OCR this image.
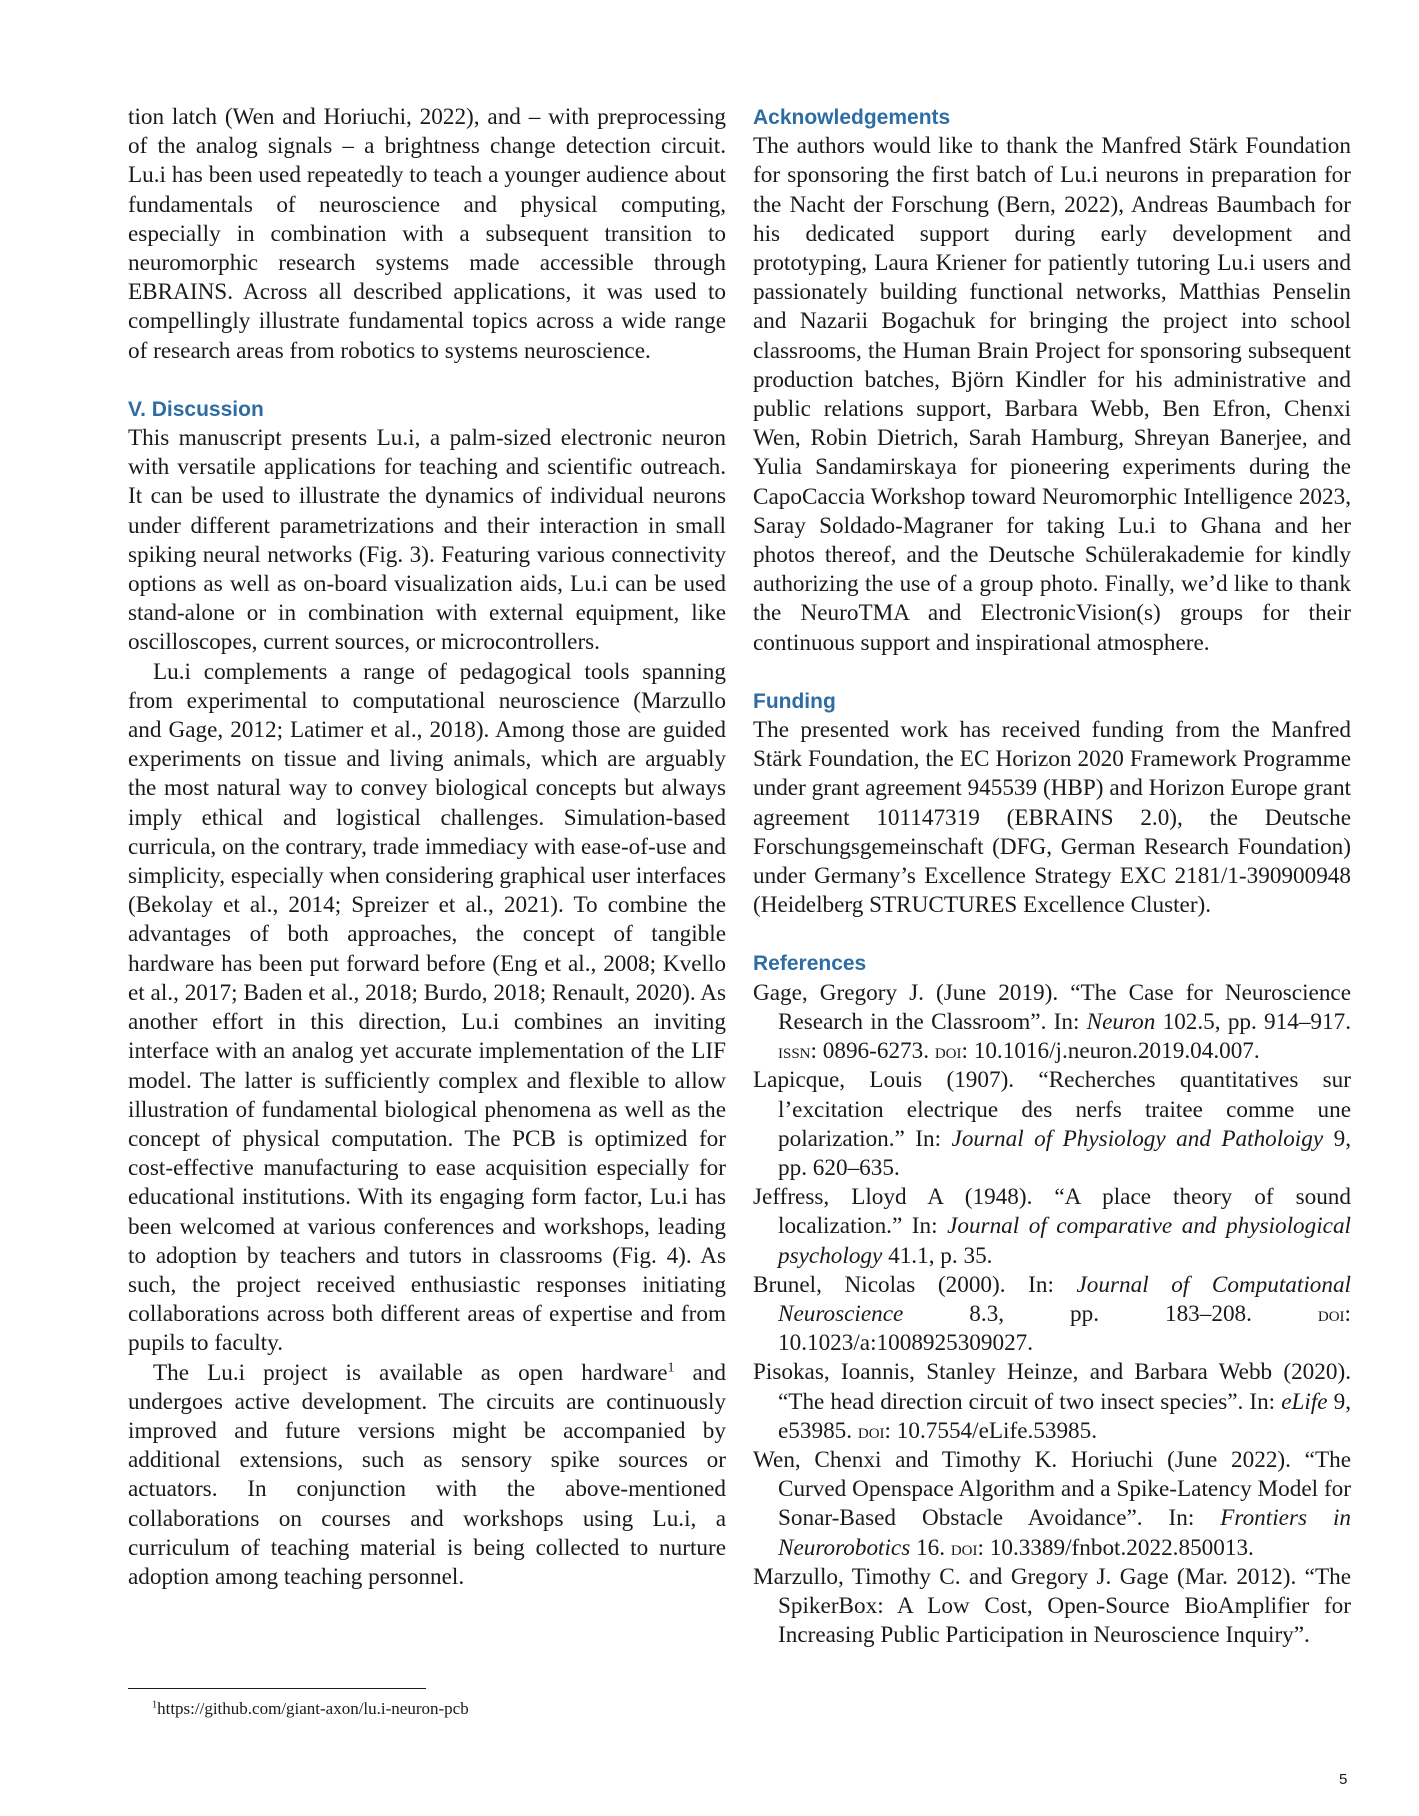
tion latch (Wen and Horiuchi, 2022), and – with preprocessing of the analog signals – a brightness change detection circuit. Lu.i has been used repeatedly to teach a younger audience about fundamentals of neuroscience and physical computing, especially in combination with a subsequent transition to neuromorphic research systems made accessible through EBRAINS. Across all described applications, it was used to compellingly illustrate fundamental topics across a wide range of research areas from robotics to systems neuroscience.

V. Discussion

This manuscript presents Lu.i, a palm-sized electronic neuron with versatile applications for teaching and scientific outreach. It can be used to illustrate the dynamics of individual neurons under different parametrizations and their interaction in small spiking neural networks (Fig. 3). Featuring various connectivity options as well as on-board visualization aids, Lu.i can be used stand-alone or in combination with external equipment, like oscilloscopes, current sources, or microcontrollers.

Lu.i complements a range of pedagogical tools spanning from experimental to computational neuroscience (Marzullo and Gage, 2012; Latimer et al., 2018). Among those are guided experiments on tissue and living animals, which are arguably the most natural way to convey biological concepts but always imply ethical and logistical challenges. Simulation-based curricula, on the contrary, trade immediacy with ease-of-use and simplicity, especially when considering graphical user interfaces (Bekolay et al., 2014; Spreizer et al., 2021). To combine the advantages of both approaches, the concept of tangible hardware has been put forward before (Eng et al., 2008; Kvello et al., 2017; Baden et al., 2018; Burdo, 2018; Renault, 2020). As another effort in this direction, Lu.i combines an inviting interface with an analog yet accurate implementation of the LIF model. The latter is sufficiently complex and flexible to allow illustration of fundamental biological phenomena as well as the concept of physical computation. The PCB is optimized for cost-effective manufacturing to ease acquisition especially for educational institutions. With its engaging form factor, Lu.i has been welcomed at various conferences and workshops, leading to adoption by teachers and tutors in classrooms (Fig. 4). As such, the project received enthusiastic responses initiating collaborations across both different areas of expertise and from pupils to faculty.

The Lu.i project is available as open hardware$^1$ and undergoes active development. The circuits are continuously improved and future versions might be accompanied by additional extensions, such as sensory spike sources or actuators. In conjunction with the above-mentioned collaborations on courses and workshops using Lu.i, a curriculum of teaching material is being collected to nurture adoption among teaching personnel.

$^1$https://github.com/giant-axon/lu.i-neuron-pcb
Acknowledgements

The authors would like to thank the Manfred Stärk Foundation for sponsoring the first batch of Lu.i neurons in preparation for the Nacht der Forschung (Bern, 2022), Andreas Baumbach for his dedicated support during early development and prototyping, Laura Kriener for patiently tutoring Lu.i users and passionately building functional networks, Matthias Penselin and Nazarii Bogachuk for bringing the project into school classrooms, the Human Brain Project for sponsoring subsequent production batches, Björn Kindler for his administrative and public relations support, Barbara Webb, Ben Efron, Chenxi Wen, Robin Dietrich, Sarah Hamburg, Shreyan Banerjee, and Yulia Sandamirskaya for pioneering experiments during the CapoCaccia Workshop toward Neuromorphic Intelligence 2023, Saray Soldado-Magraner for taking Lu.i to Ghana and her photos thereof, and the Deutsche Schülerakademie for kindly authorizing the use of a group photo. Finally, we’d like to thank the NeuroTMA and ElectronicVision(s) groups for their continuous support and inspirational atmosphere.

Funding

The presented work has received funding from the Manfred Stärk Foundation, the EC Horizon 2020 Framework Programme under grant agreement 945539 (HBP) and Horizon Europe grant agreement 101147319 (EBRAINS 2.0), the Deutsche Forschungsgemeinschaft (DFG, German Research Foundation) under Germany’s Excellence Strategy EXC 2181/1-390900948 (Heidelberg STRUCTURES Excellence Cluster).

References

Gage, Gregory J. (June 2019). “The Case for Neuroscience Research in the Classroom”. In: Neuron 102.5, pp. 914–917. issn: 0896-6273. doi: 10.1016/j.neuron.2019.04.007.

Lapicque, Louis (1907). “Recherches quantitatives sur l’excitation electrique des nerfs traitee comme une polarization.” In: Journal of Physiology and Patholoigy 9, pp. 620–635.

Jeffress, Lloyd A (1948). “A place theory of sound localization.” In: Journal of comparative and physiological psychology 41.1, p. 35.

Brunel, Nicolas (2000). In: Journal of Computational Neuroscience 8.3, pp. 183–208. doi: 10.1023/a:1008925309027.

Pisokas, Ioannis, Stanley Heinze, and Barbara Webb (2020). “The head direction circuit of two insect species”. In: eLife 9, e53985. doi: 10.7554/eLife.53985.

Wen, Chenxi and Timothy K. Horiuchi (June 2022). “The Curved Openspace Algorithm and a Spike-Latency Model for Sonar-Based Obstacle Avoidance”. In: Frontiers in Neurorobotics 16. doi: 10.3389/fnbot.2022.850013.

Marzullo, Timothy C. and Gregory J. Gage (Mar. 2012). “The SpikerBox: A Low Cost, Open-Source BioAmplifier for Increasing Public Participation in Neuroscience Inquiry”.

5
